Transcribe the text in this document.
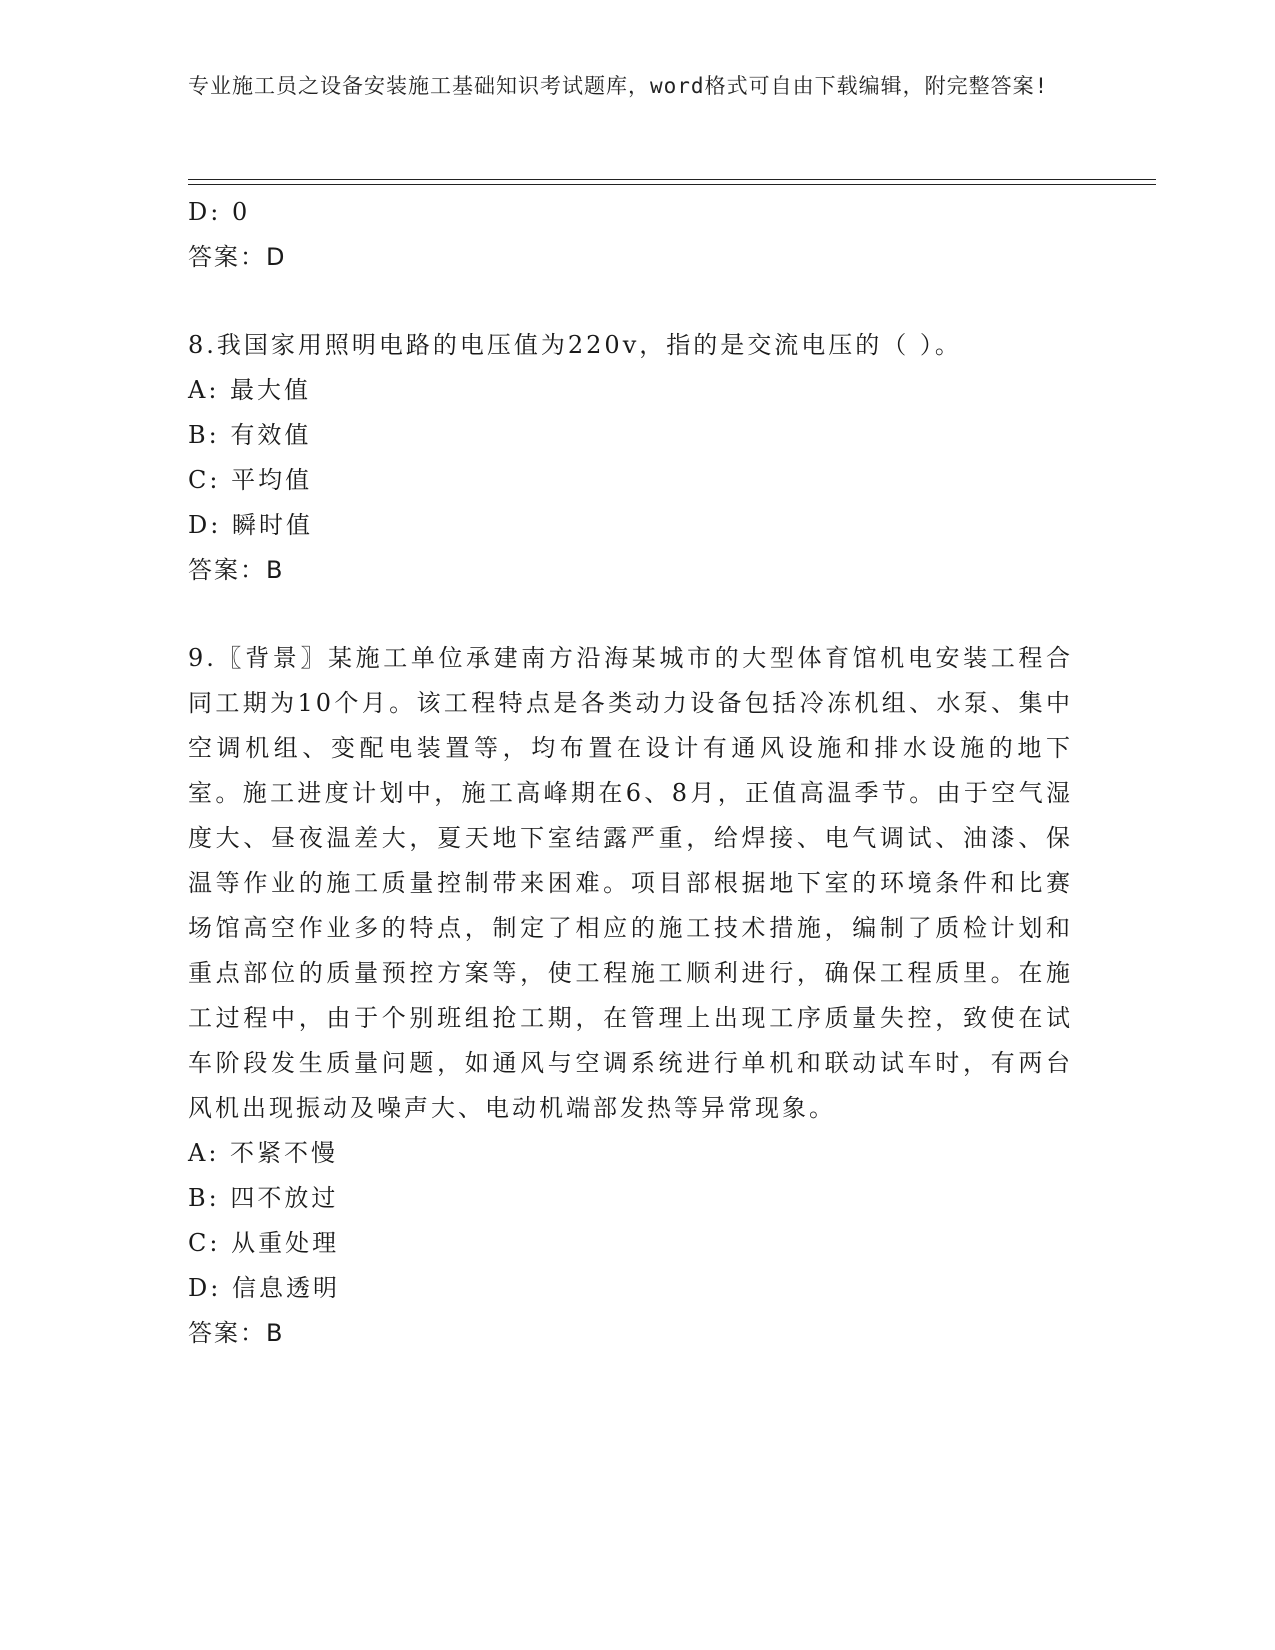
专业施工员之设备安装施工基础知识考试题库，word格式可自由下载编辑，附完整答案!
D: 0
答案：D
8.我国家用照明电路的电压值为220v，指的是交流电压的（ ）。
A: 最大值
B: 有效值
C: 平均值
D: 瞬时值
答案：B
9.〖背景〗某施工单位承建南方沿海某城市的大型体育馆机电安装工程合同工期为10个月。该工程特点是各类动力设备包括冷冻机组、水泵、集中空调机组、变配电装置等，均布置在设计有通风设施和排水设施的地下室。施工进度计划中，施工高峰期在6、8月，正值高温季节。由于空气湿度大、昼夜温差大，夏天地下室结露严重，给焊接、电气调试、油漆、保温等作业的施工质量控制带来困难。项目部根据地下室的环境条件和比赛场馆高空作业多的特点，制定了相应的施工技术措施，编制了质检计划和重点部位的质量预控方案等，使工程施工顺利进行，确保工程质里。在施工过程中，由于个别班组抢工期，在管理上出现工序质量失控，致使在试车阶段发生质量问题，如通风与空调系统进行单机和联动试车时，有两台风机出现振动及噪声大、电动机端部发热等异常现象。
A: 不紧不慢
B: 四不放过
C: 从重处理
D: 信息透明
答案：B
